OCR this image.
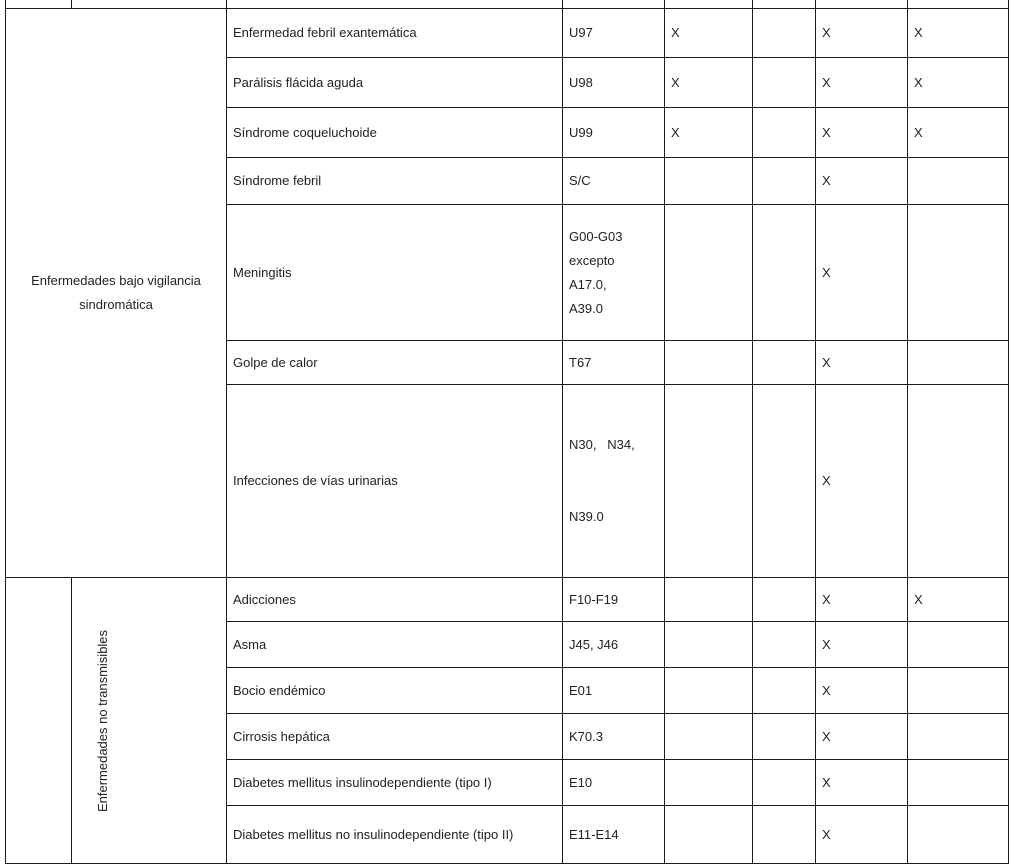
Enfermedades bajo vigilancia sindromática		Enfermedad febril exantemática	U97	X		X	X
		Parálisis flácida aguda	U98	X		X	X
		Síndrome coqueluchoide	U99	X		X	X
		Síndrome febril	S/C			X	
		Meningitis	G00-G03
excepto
A17.0,
A39.0			X	
		Golpe de calor	T67			X	
		Infecciones de vías urinarias	N30,   N34,

N39.0			X	
Enfermedades no transmisibles		Adicciones	F10-F19			X	X
		Asma	J45, J46			X	
		Bocio endémico	E01			X	
		Cirrosis hepática	K70.3			X	
		Diabetes mellitus insulinodependiente (tipo I)	E10			X	
		Diabetes mellitus no insulinodependiente (tipo II)	E11-E14			X	
